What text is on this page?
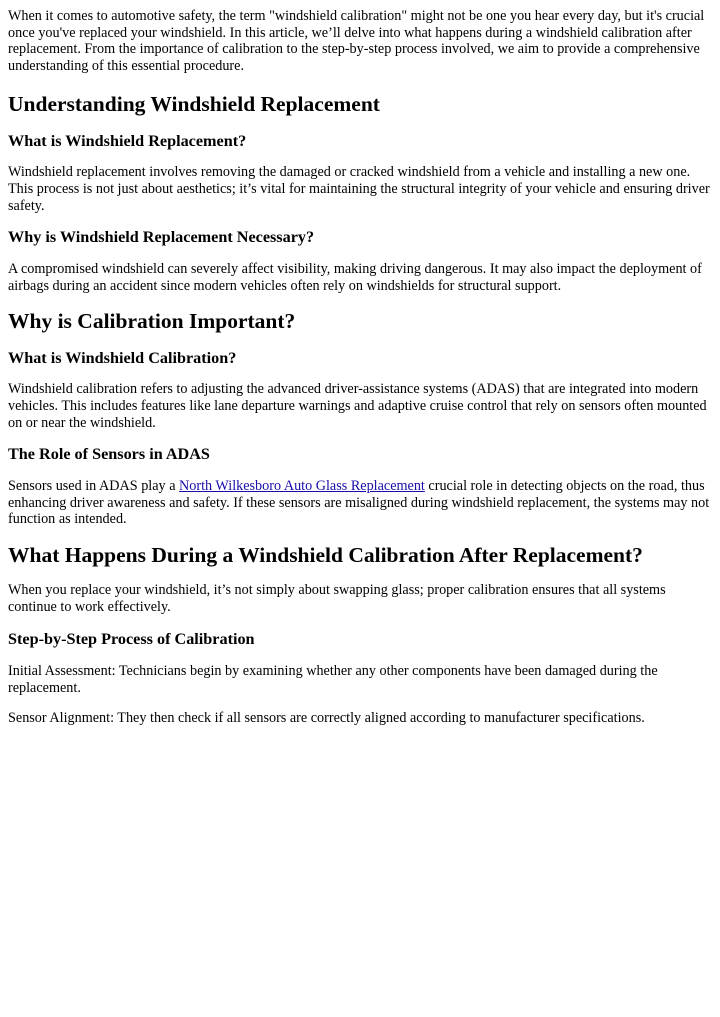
When it comes to automotive safety, the term "windshield calibration" might not be one you hear every day, but it's crucial once you've replaced your windshield. In this article, we’ll delve into what happens during a windshield calibration after replacement. From the importance of calibration to the step-by-step process involved, we aim to provide a comprehensive understanding of this essential procedure.

Understanding Windshield Replacement
What is Windshield Replacement?

Windshield replacement involves removing the damaged or cracked windshield from a vehicle and installing a new one. This process is not just about aesthetics; it’s vital for maintaining the structural integrity of your vehicle and ensuring driver safety.

Why is Windshield Replacement Necessary?

A compromised windshield can severely affect visibility, making driving dangerous. It may also impact the deployment of airbags during an accident since modern vehicles often rely on windshields for structural support.

Why is Calibration Important?
What is Windshield Calibration?

Windshield calibration refers to adjusting the advanced driver-assistance systems (ADAS) that are integrated into modern vehicles. This includes features like lane departure warnings and adaptive cruise control that rely on sensors often mounted on or near the windshield.

The Role of Sensors in ADAS

Sensors used in ADAS play a North Wilkesboro Auto Glass Replacement crucial role in detecting objects on the road, thus enhancing driver awareness and safety. If these sensors are misaligned during windshield replacement, the systems may not function as intended.

What Happens During a Windshield Calibration After Replacement?

When you replace your windshield, it’s not simply about swapping glass; proper calibration ensures that all systems continue to work effectively.

Step-by-Step Process of Calibration

Initial Assessment: Technicians begin by examining whether any other components have been damaged during the replacement.

Sensor Alignment: They then check if all sensors are correctly aligned according to manufacturer specifications.
